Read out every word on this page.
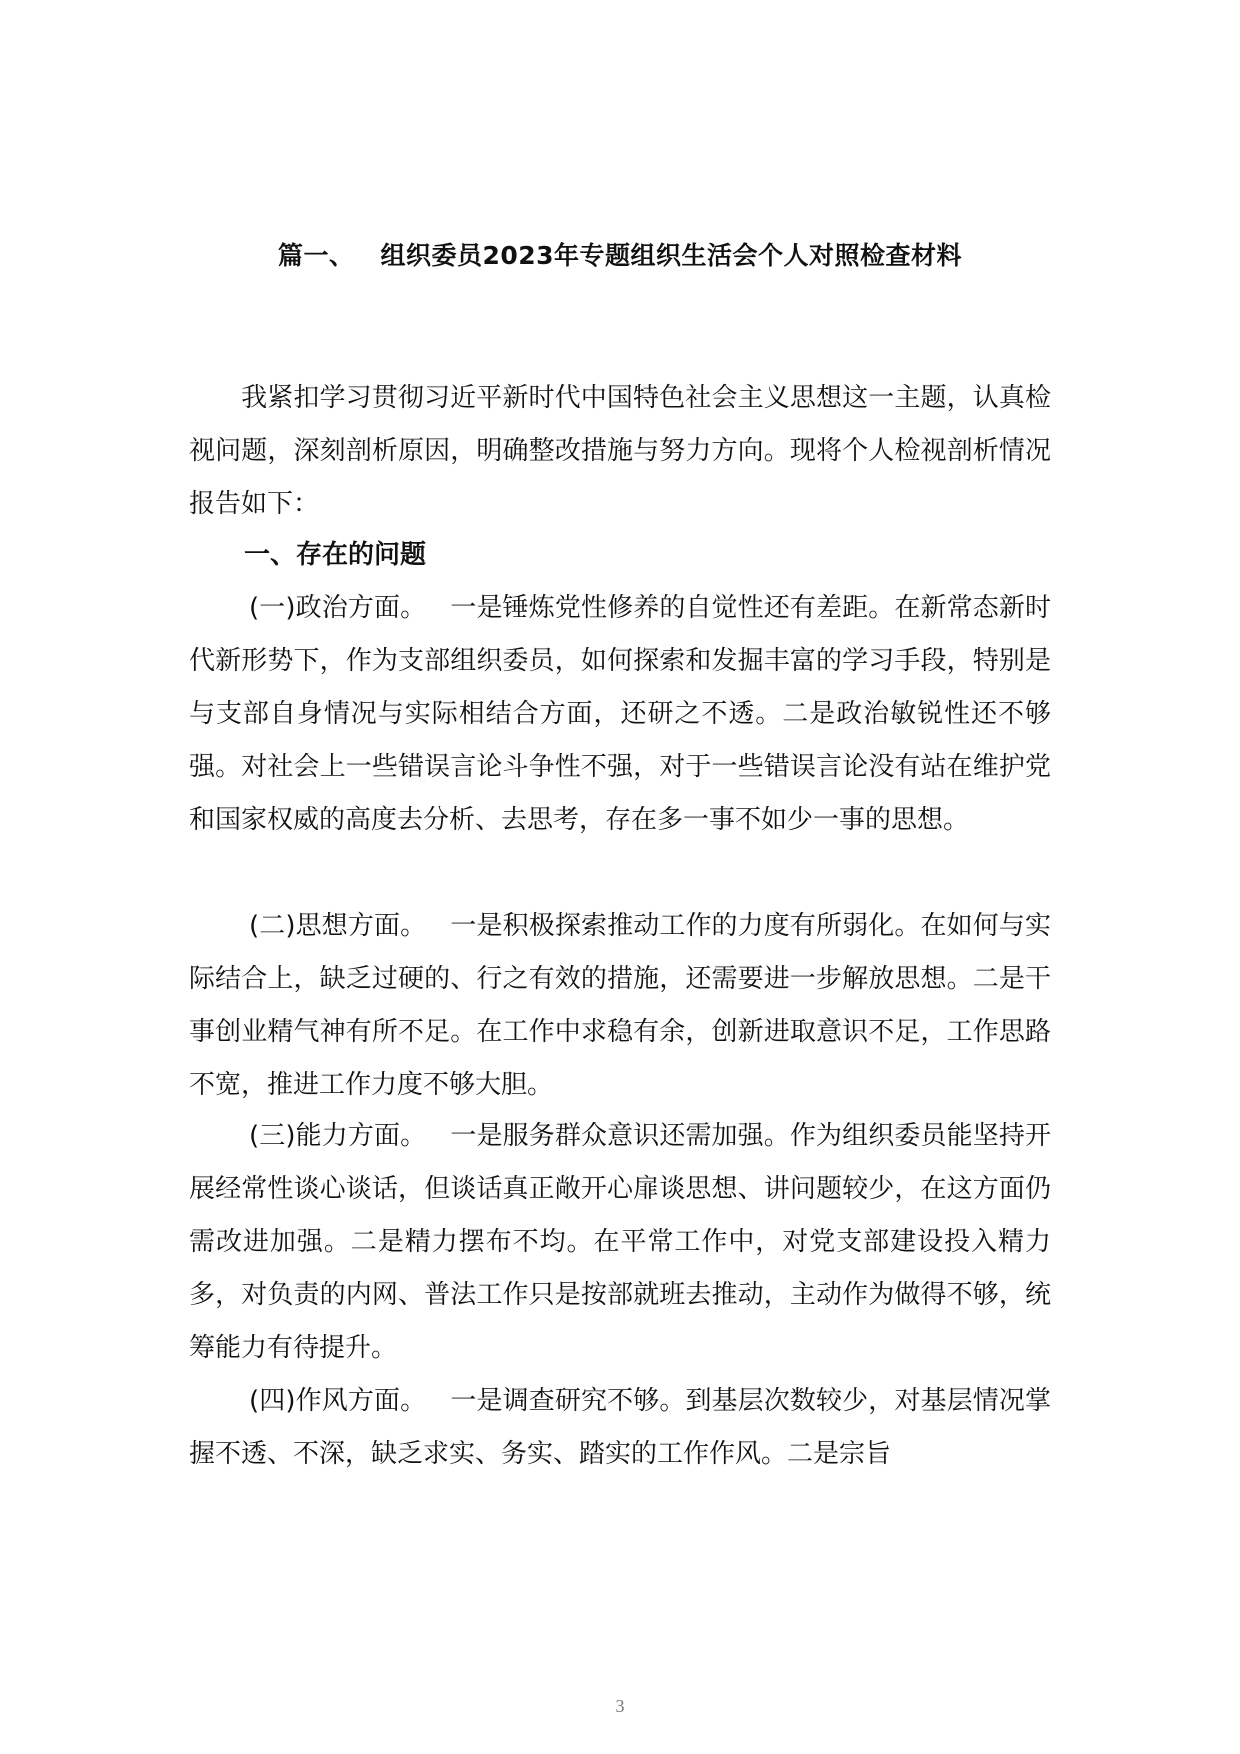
篇一、 组织委员2023年专题组织生活会个人对照检查材料
我紧扣学习贯彻习近平新时代中国特色社会主义思想这一主题，认真检视问题，深刻剖析原因，明确整改措施与努力方向。现将个人检视剖析情况报告如下：
一、存在的问题
(一)政治方面。 一是锤炼党性修养的自觉性还有差距。在新常态新时代新形势下，作为支部组织委员，如何探索和发掘丰富的学习手段，特别是与支部自身情况与实际相结合方面，还研之不透。二是政治敏锐性还不够强。对社会上一些错误言论斗争性不强，对于一些错误言论没有站在维护党和国家权威的高度去分析、去思考，存在多一事不如少一事的思想。
(二)思想方面。 一是积极探索推动工作的力度有所弱化。在如何与实际结合上，缺乏过硬的、行之有效的措施，还需要进一步解放思想。二是干事创业精气神有所不足。在工作中求稳有余，创新进取意识不足，工作思路不宽，推进工作力度不够大胆。
(三)能力方面。 一是服务群众意识还需加强。作为组织委员能坚持开展经常性谈心谈话，但谈话真正敞开心扉谈思想、讲问题较少，在这方面仍需改进加强。二是精力摆布不均。在平常工作中，对党支部建设投入精力多，对负责的内网、普法工作只是按部就班去推动，主动作为做得不够，统筹能力有待提升。
(四)作风方面。 一是调查研究不够。到基层次数较少，对基层情况掌握不透、不深，缺乏求实、务实、踏实的工作作风。二是宗旨
3
